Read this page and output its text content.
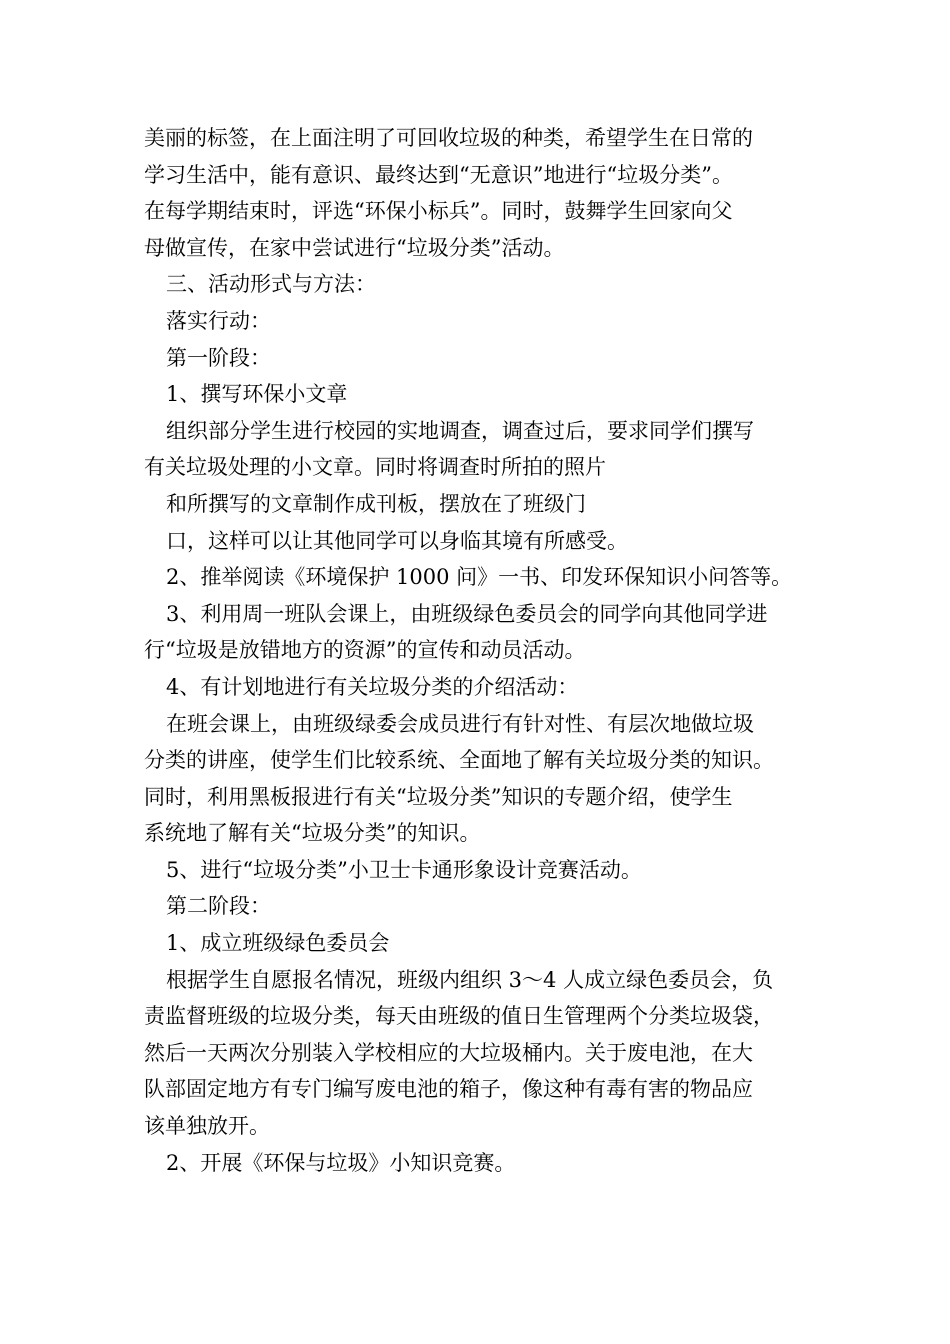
美丽的标签，在上面注明了可回收垃圾的种类，希望学生在日常的
学习生活中，能有意识、最终达到“无意识”地进行“垃圾分类”。
在每学期结束时，评选“环保小标兵”。同时，鼓舞学生回家向父
母做宣传，在家中尝试进行“垃圾分类”活动。
三、活动形式与方法：
落实行动：
第一阶段：
1、撰写环保小文章
组织部分学生进行校园的实地调查，调查过后，要求同学们撰写
有关垃圾处理的小文章。同时将调查时所拍的照片
和所撰写的文章制作成刊板，摆放在了班级门
口，这样可以让其他同学可以身临其境有所感受。
2、推举阅读《环境保护 1000 问》一书、印发环保知识小问答等。
3、利用周一班队会课上，由班级绿色委员会的同学向其他同学进
行“垃圾是放错地方的资源”的宣传和动员活动。
4、有计划地进行有关垃圾分类的介绍活动：
在班会课上，由班级绿委会成员进行有针对性、有层次地做垃圾
分类的讲座，使学生们比较系统、全面地了解有关垃圾分类的知识。
同时，利用黑板报进行有关“垃圾分类”知识的专题介绍，使学生
系统地了解有关“垃圾分类”的知识。
5、进行“垃圾分类”小卫士卡通形象设计竞赛活动。
第二阶段：
1、成立班级绿色委员会
根据学生自愿报名情况，班级内组织 3～4 人成立绿色委员会，负
责监督班级的垃圾分类，每天由班级的值日生管理两个分类垃圾袋，
然后一天两次分别装入学校相应的大垃圾桶内。关于废电池，在大
队部固定地方有专门编写废电池的箱子，像这种有毒有害的物品应
该单独放开。
2、开展《环保与垃圾》小知识竞赛。
